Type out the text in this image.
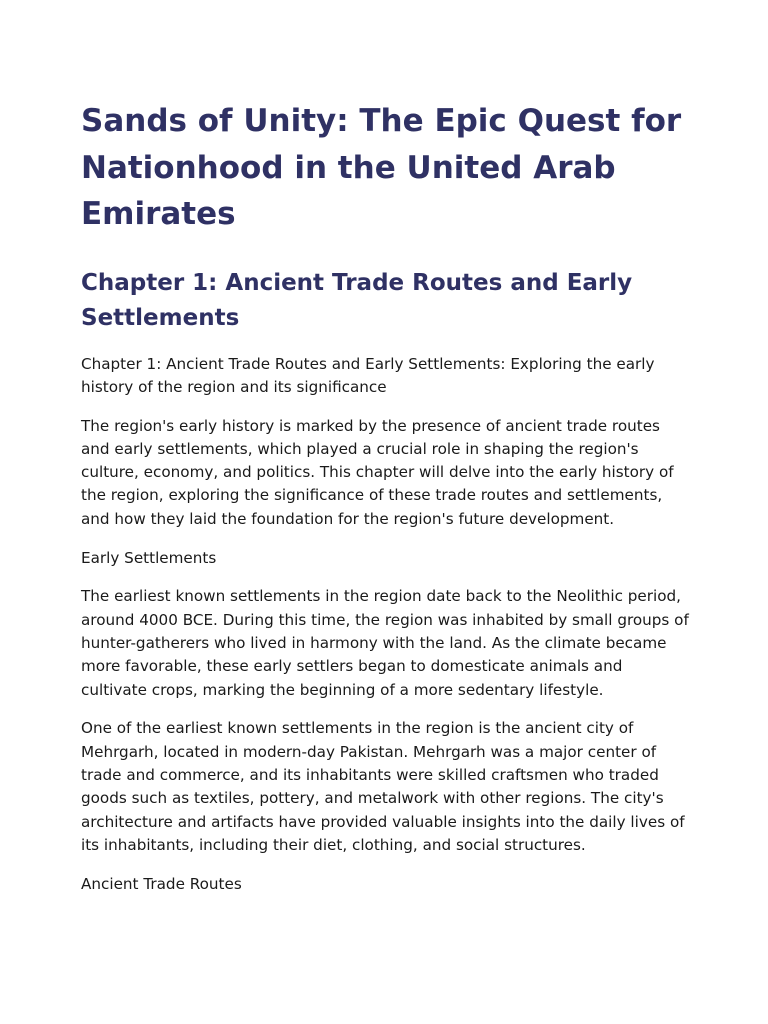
Sands of Unity: The Epic Quest for Nationhood in the United Arab Emirates
Chapter 1: Ancient Trade Routes and Early Settlements

Chapter 1: Ancient Trade Routes and Early Settlements: Exploring the early history of the region and its significance

The region's early history is marked by the presence of ancient trade routes and early settlements, which played a crucial role in shaping the region's culture, economy, and politics. This chapter will delve into the early history of the region, exploring the significance of these trade routes and settlements, and how they laid the foundation for the region's future development.

Early Settlements

The earliest known settlements in the region date back to the Neolithic period, around 4000 BCE. During this time, the region was inhabited by small groups of hunter-gatherers who lived in harmony with the land. As the climate became more favorable, these early settlers began to domesticate animals and cultivate crops, marking the beginning of a more sedentary lifestyle.

One of the earliest known settlements in the region is the ancient city of Mehrgarh, located in modern-day Pakistan. Mehrgarh was a major center of trade and commerce, and its inhabitants were skilled craftsmen who traded goods such as textiles, pottery, and metalwork with other regions. The city's architecture and artifacts have provided valuable insights into the daily lives of its inhabitants, including their diet, clothing, and social structures.

Ancient Trade Routes
